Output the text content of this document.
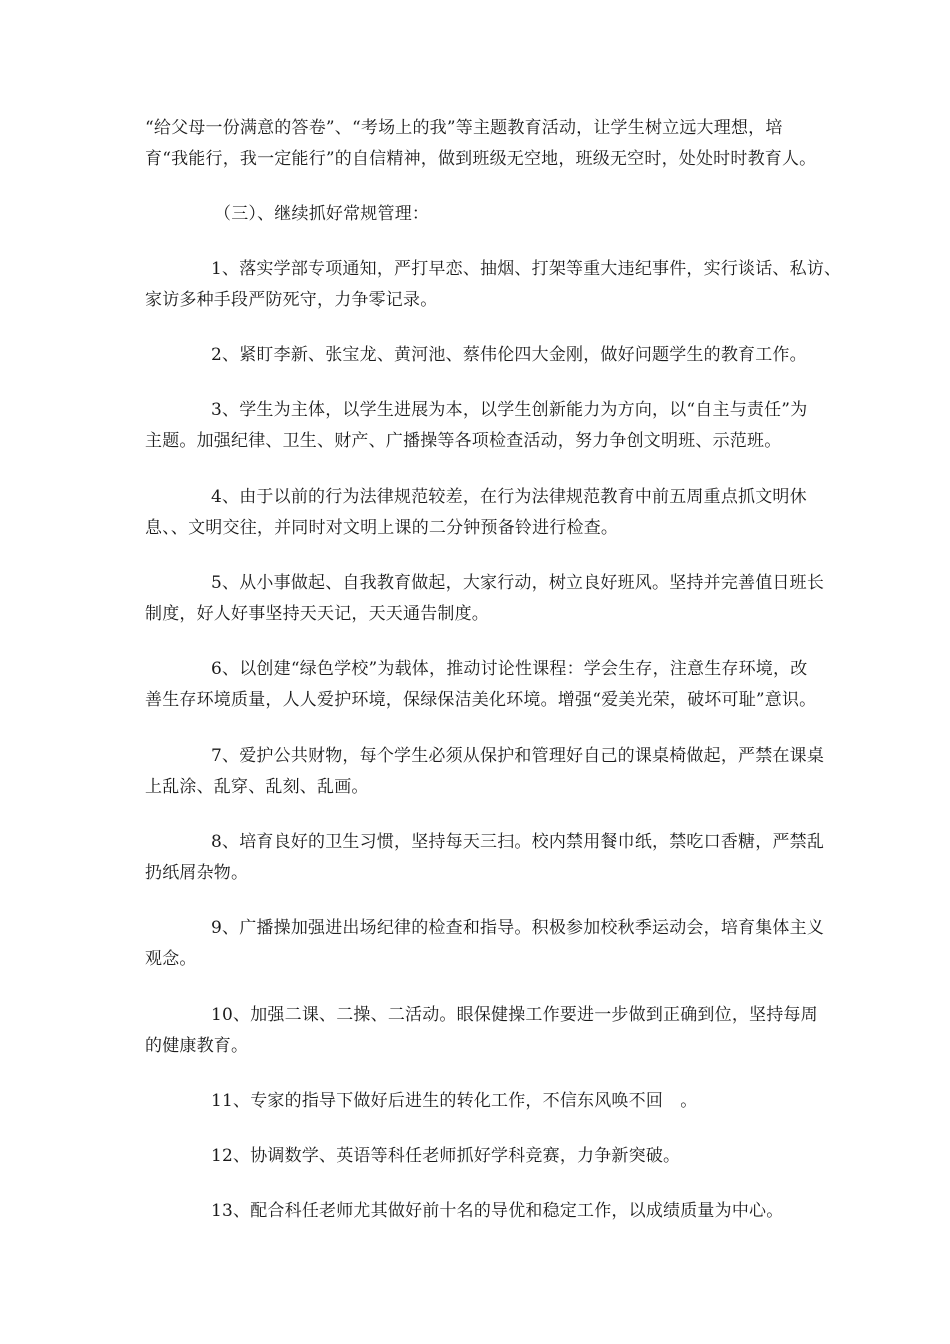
“给父母一份满意的答卷”、“考场上的我”等主题教育活动，让学生树立远大理想，培
育“我能行，我一定能行”的自信精神，做到班级无空地，班级无空时，处处时时教育人。
（三）、继续抓好常规管理：
1、落实学部专项通知，严打早恋、抽烟、打架等重大违纪事件，实行谈话、私访、
家访多种手段严防死守，力争零记录。
2、紧盯李新、张宝龙、黄河池、蔡伟伦四大金刚，做好问题学生的教育工作。
3、学生为主体，以学生进展为本，以学生创新能力为方向，以“自主与责任”为
主题。加强纪律、卫生、财产、广播操等各项检查活动，努力争创文明班、示范班。
4、由于以前的行为法律规范较差，在行为法律规范教育中前五周重点抓文明休
息、、文明交往，并同时对文明上课的二分钟预备铃进行检查。
5、从小事做起、自我教育做起，大家行动，树立良好班风。坚持并完善值日班长
制度，好人好事坚持天天记，天天通告制度。
6、以创建“绿色学校”为载体，推动讨论性课程：学会生存，注意生存环境，改
善生存环境质量，人人爱护环境，保绿保洁美化环境。增强“爱美光荣，破坏可耻”意识。
7、爱护公共财物，每个学生必须从保护和管理好自己的课桌椅做起，严禁在课桌
上乱涂、乱穿、乱刻、乱画。
8、培育良好的卫生习惯，坚持每天三扫。校内禁用餐巾纸，禁吃口香糖，严禁乱
扔纸屑杂物。
9、广播操加强进出场纪律的检查和指导。积极参加校秋季运动会，培育集体主义
观念。
10、加强二课、二操、二活动。眼保健操工作要进一步做到正确到位，坚持每周
的健康教育。
11、专家的指导下做好后进生的转化工作，不信东风唤不回　。
12、协调数学、英语等科任老师抓好学科竞赛，力争新突破。
13、配合科任老师尤其做好前十名的导优和稳定工作，以成绩质量为中心。
